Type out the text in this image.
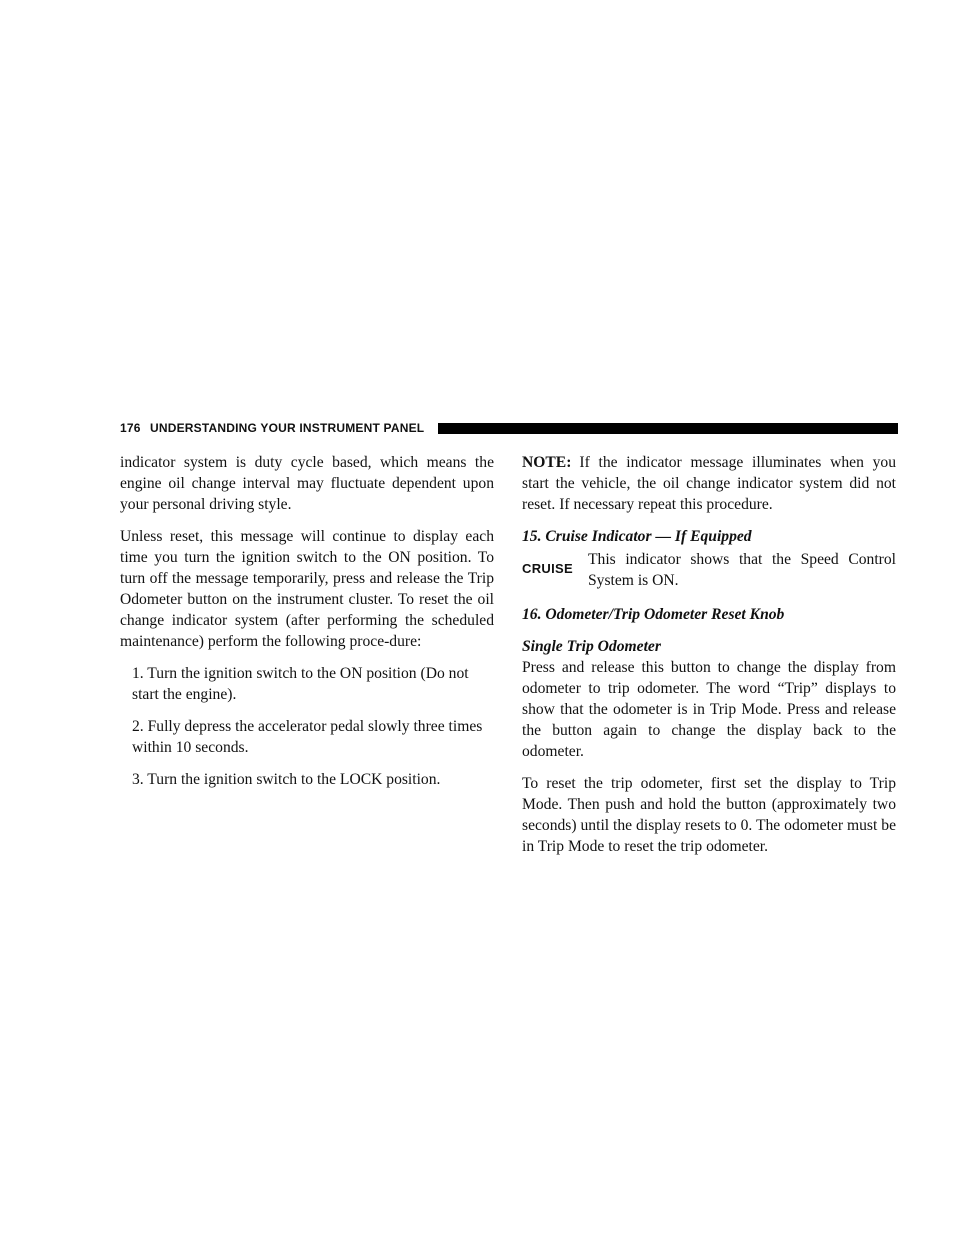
176 UNDERSTANDING YOUR INSTRUMENT PANEL

indicator system is duty cycle based, which means the engine oil change interval may fluctuate dependent upon your personal driving style.

Unless reset, this message will continue to display each time you turn the ignition switch to the ON position. To turn off the message temporarily, press and release the Trip Odometer button on the instrument cluster. To reset the oil change indicator system (after performing the scheduled maintenance) perform the following proce-dure:

1. Turn the ignition switch to the ON position (Do not start the engine).

2. Fully depress the accelerator pedal slowly three times within 10 seconds.

3. Turn the ignition switch to the LOCK position.

NOTE: If the indicator message illuminates when you start the vehicle, the oil change indicator system did not reset. If necessary repeat this procedure.

15. Cruise Indicator — If Equipped

CRUISE

This indicator shows that the Speed Control System is ON.

16. Odometer/Trip Odometer Reset Knob

Single Trip Odometer

Press and release this button to change the display from odometer to trip odometer. The word “Trip” displays to show that the odometer is in Trip Mode. Press and release the button again to change the display back to the odometer.

To reset the trip odometer, first set the display to Trip Mode. Then push and hold the button (approximately two seconds) until the display resets to 0. The odometer must be in Trip Mode to reset the trip odometer.
